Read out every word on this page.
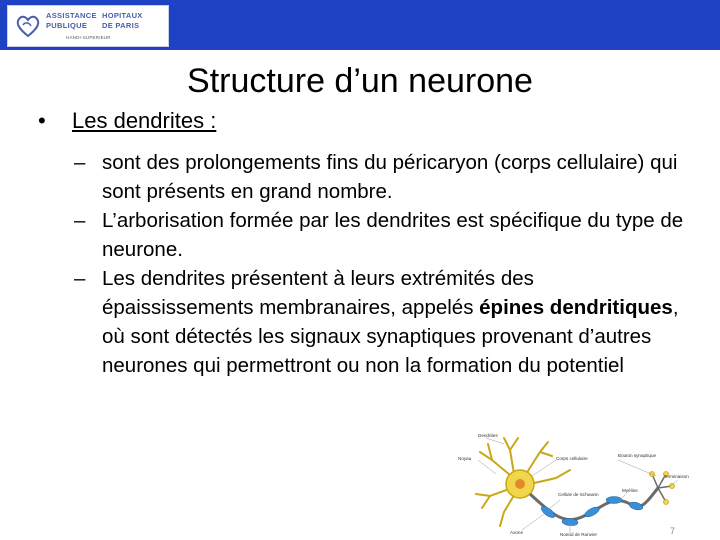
ASSISTANCE HOPITAUX
PUBLIQUE DE PARIS
HANDI-SUPERIEUR
Structure d’un neurone
• Les dendrites :
– sont des prolongements fins du péricaryon (corps cellulaire) qui sont présents en grand nombre.
– L’arborisation formée par les dendrites est spécifique du type de neurone.
– Les dendrites présentent à leurs extrémités des épaississements membranaires, appelés épines dendritiques, où sont détectés les signaux synaptiques provenant d’autres neurones qui permettront ou non la formation du potentiel
Dendrites
Noyau	Corps cellulaire
Bouton synaptique
Cellule de Schwann
Myéline
Terminaison
Axone	Noeud de Ranvier	7
